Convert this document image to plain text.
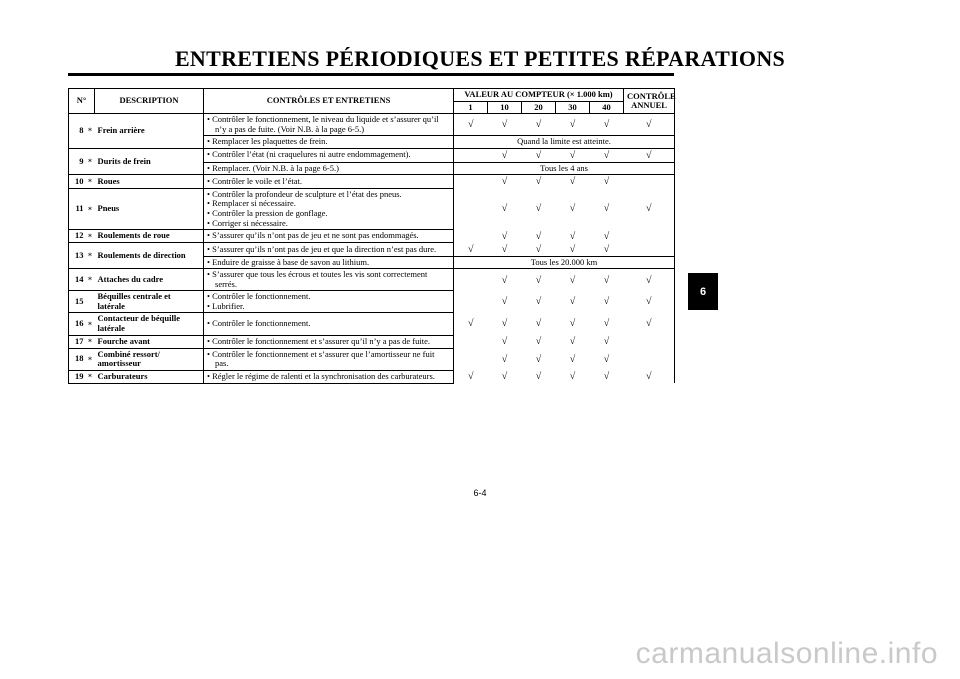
ENTRETIENS PÉRIODIQUES ET PETITES RÉPARATIONS
N°		DESCRIPTION	CONTRÔLES ET ENTRETIENS	VALEUR AU COMPTEUR (× 1.000 km)					CONTRÔLE ANNUEL
				1	10	20	30	40	
8	∗	Frein arrière	• Contrôler le fonctionnement, le niveau du liquide et s’assurer qu’il n’y a pas de fuite. (Voir N.B. à la page 6-5.)	√	√	√	√	√	√

			• Remplacer les plaquettes de frein.	Quand la limite est atteinte.					
9	∗	Durits de frein	• Contrôler l’état (ni craquelures ni autre endommagement).		√	√	√	√	√

			• Remplacer. (Voir N.B. à la page 6-5.)	Tous les 4 ans					
10	∗	Roues	• Contrôler le voile et l’état.		√	√	√	√	
11	∗	Pneus	• Contrôler la profondeur de sculpture et l’état des pneus.
• Remplacer si nécessaire.
• Contrôler la pression de gonflage.
• Corriger si nécessaire.		√	√	√	√	√
12	∗	Roulements de roue	• S’assurer qu’ils n’ont pas de jeu et ne sont pas endommagés.		√	√	√	√	
13	∗	Roulements de direction	• S’assurer qu’ils n’ont pas de jeu et que la direction n’est pas dure.	√	√	√	√	√	

			• Enduire de graisse à base de savon au lithium.	Tous les 20.000 km					
14	∗	Attaches du cadre	• S’assurer que tous les écrous et toutes les vis sont correctement serrés.		√	√	√	√	√
15		Béquilles centrale et latérale	• Contrôler le fonctionnement.
• Lubrifier.		√	√	√	√	√
16	∗	Contacteur de béquille latérale	• Contrôler le fonctionnement.	√	√	√	√	√	√
17	∗	Fourche avant	• Contrôler le fonctionnement et s’assurer qu’il n’y a pas de fuite.		√	√	√	√	
18	∗	Combiné ressort/ amortisseur	• Contrôler le fonctionnement et s’assurer que l’amortisseur ne fuit pas.		√	√	√	√	
19	∗	Carburateurs	• Régler le régime de ralenti et la synchronisation des carburateurs.	√	√	√	√	√	√
6
6-4
carmanualsonline.info
